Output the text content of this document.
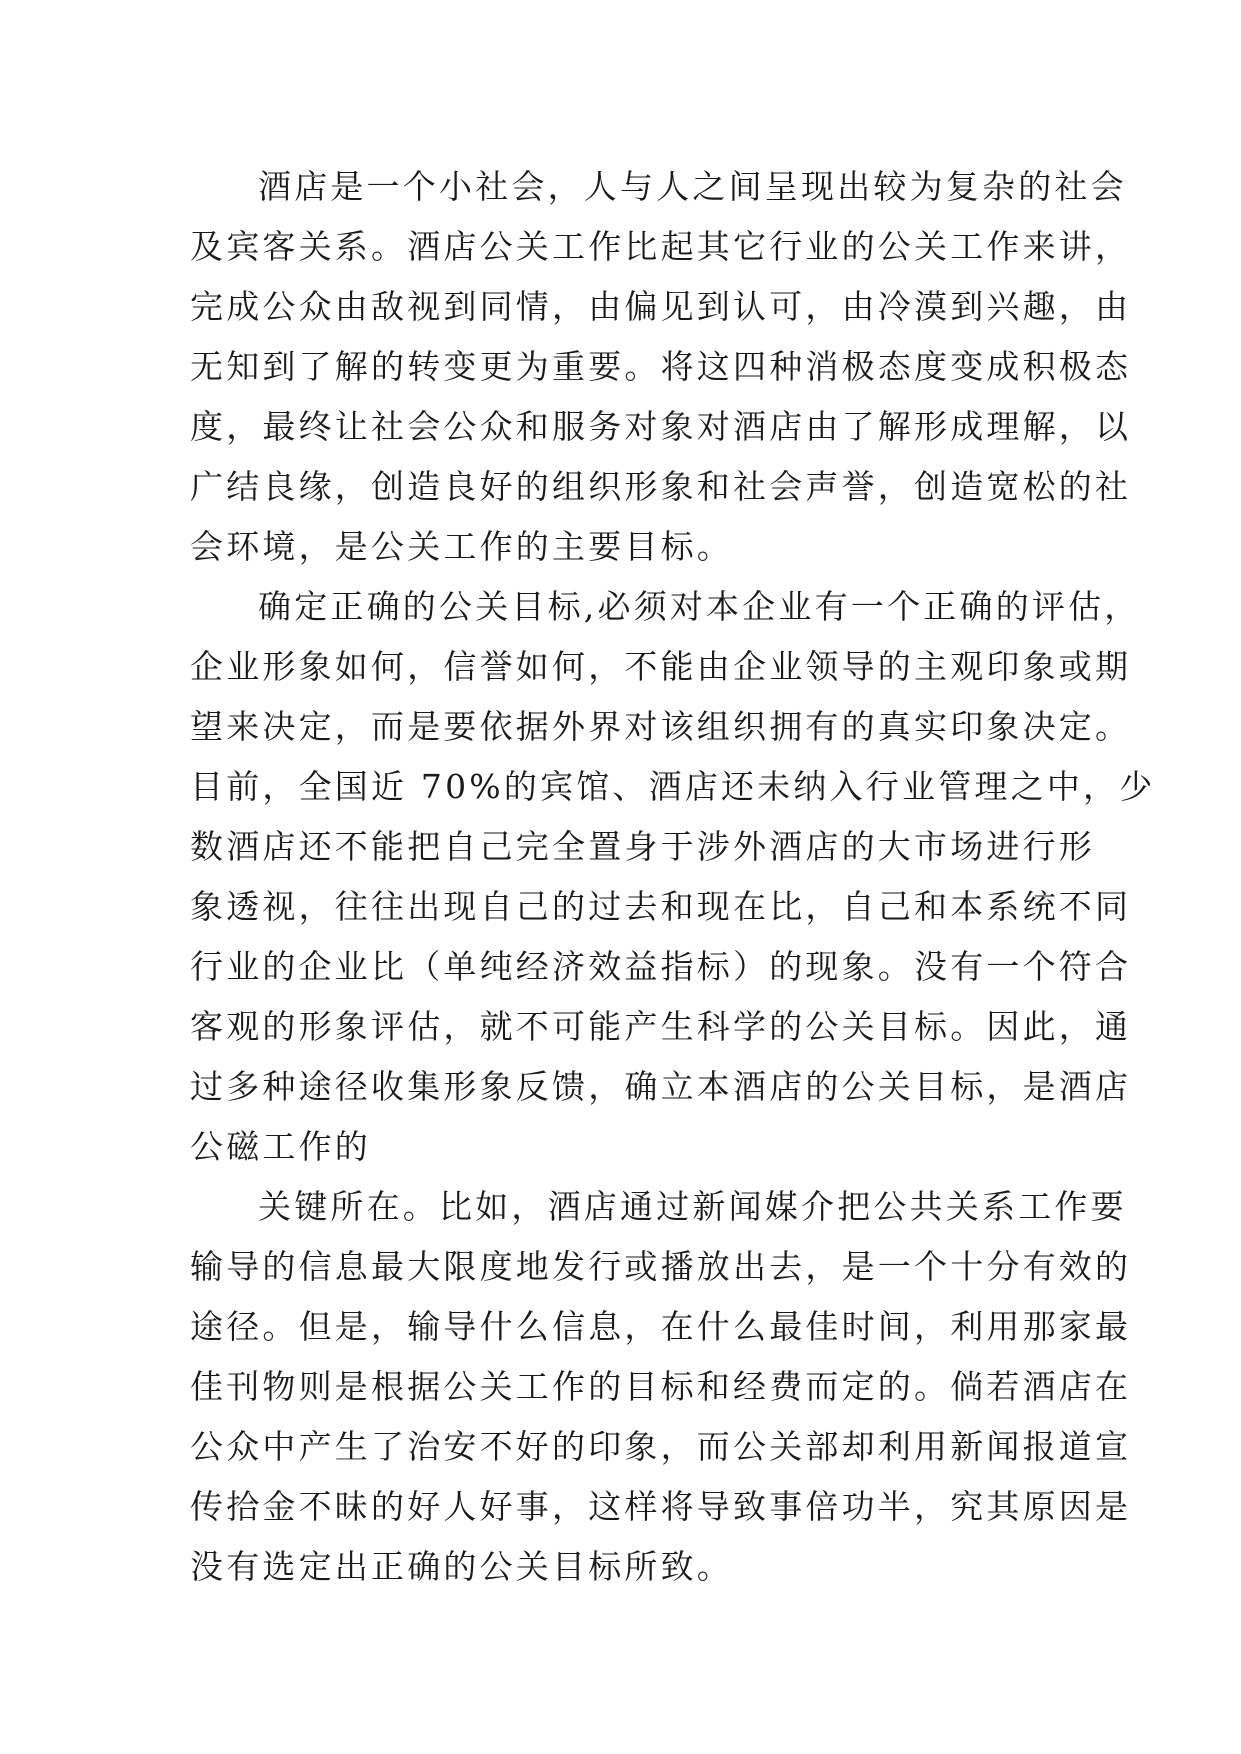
酒店是一个小社会，人与人之间呈现出较为复杂的社会
及宾客关系。酒店公关工作比起其它行业的公关工作来讲，
完成公众由敌视到同情，由偏见到认可，由冷漠到兴趣，由
无知到了解的转变更为重要。将这四种消极态度变成积极态
度，最终让社会公众和服务对象对酒店由了解形成理解，以
广结良缘，创造良好的组织形象和社会声誉，创造宽松的社
会环境，是公关工作的主要目标。
确定正确的公关目标,必须对本企业有一个正确的评估，
企业形象如何，信誉如何，不能由企业领导的主观印象或期
望来决定，而是要依据外界对该组织拥有的真实印象决定。
目前，全国近 70%的宾馆、酒店还未纳入行业管理之中，少
数酒店还不能把自己完全置身于涉外酒店的大市场进行形
象透视，往往出现自己的过去和现在比，自己和本系统不同
行业的企业比（单纯经济效益指标）的现象。没有一个符合
客观的形象评估，就不可能产生科学的公关目标。因此，通
过多种途径收集形象反馈，确立本酒店的公关目标，是酒店
公磁工作的
关键所在。比如，酒店通过新闻媒介把公共关系工作要
输导的信息最大限度地发行或播放出去，是一个十分有效的
途径。但是，输导什么信息，在什么最佳时间，利用那家最
佳刊物则是根据公关工作的目标和经费而定的。倘若酒店在
公众中产生了治安不好的印象，而公关部却利用新闻报道宣
传拾金不昧的好人好事，这样将导致事倍功半，究其原因是
没有选定出正确的公关目标所致。
